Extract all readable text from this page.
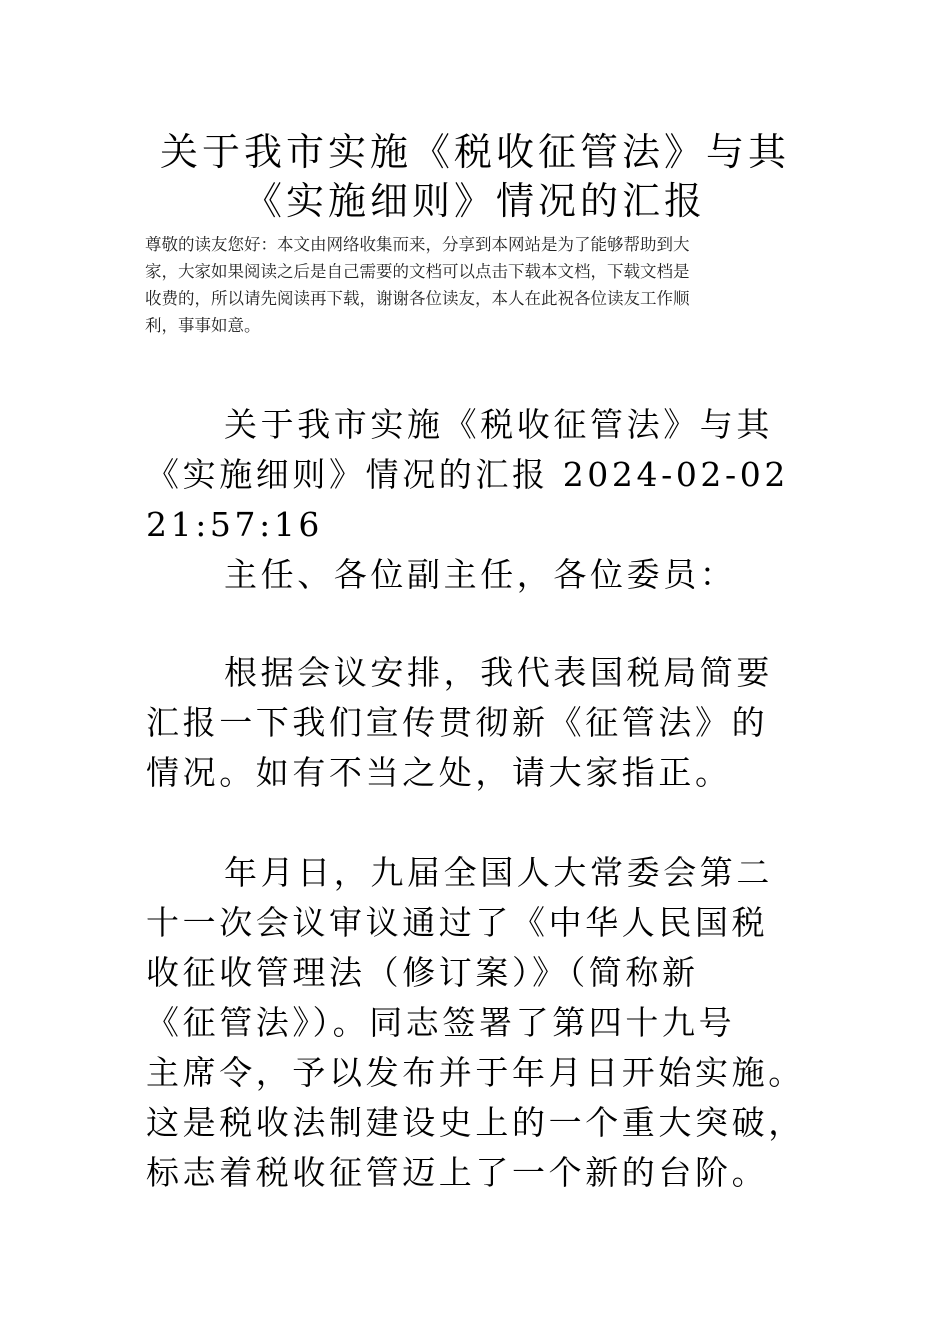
关于我市实施《税收征管法》与其
《实施细则》情况的汇报

尊敬的读友您好：本文由网络收集而来，分享到本网站是为了能够帮助到大

家，大家如果阅读之后是自己需要的文档可以点击下载本文档，下载文档是

收费的，所以请先阅读再下载，谢谢各位读友，本人在此祝各位读友工作顺

利，事事如意。

关于我市实施《税收征管法》与其

《实施细则》情况的汇报 2024-02-02

21:57:16

主任、各位副主任，各位委员：

根据会议安排，我代表国税局简要

汇报一下我们宣传贯彻新《征管法》的

情况。如有不当之处，请大家指正。

年月日，九届全国人大常委会第二

十一次会议审议通过了《中华人民国税

收征收管理法（修订案）》（简称新

《征管法》）。同志签署了第四十九号

主席令，予以发布并于年月日开始实施。

这是税收法制建设史上的一个重大突破，

标志着税收征管迈上了一个新的台阶。
